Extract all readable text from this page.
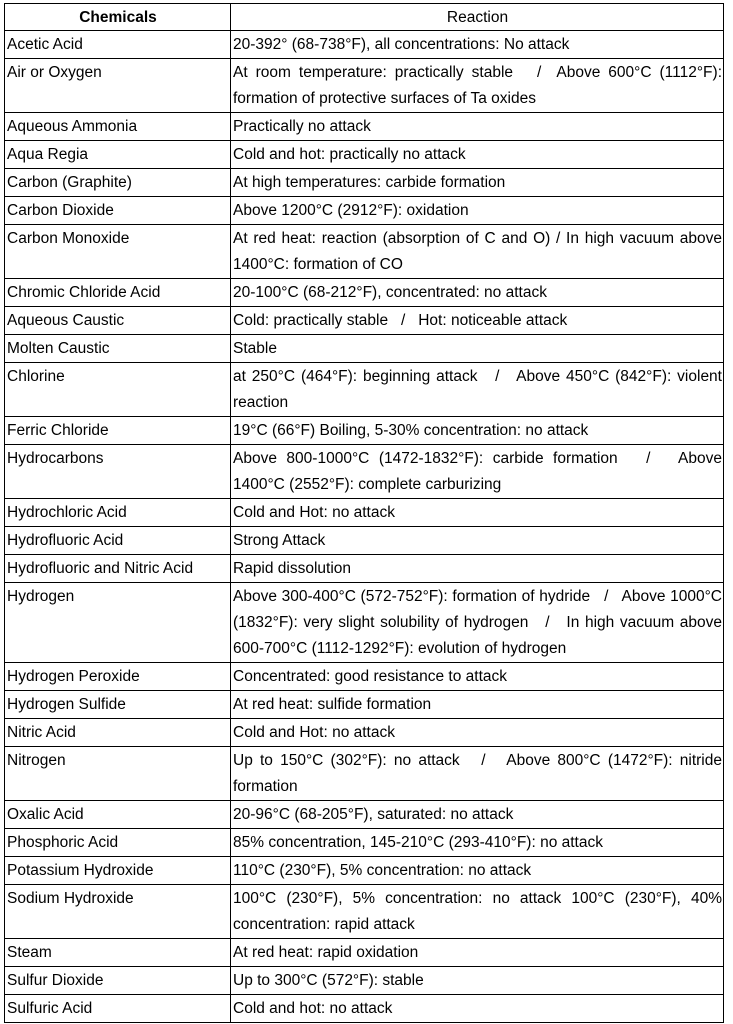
Chemicals	Reaction
Acetic Acid	20-392° (68-738°F), all concentrations: No attack
Air or Oxygen	At room temperature: practically stable   /  Above 600°C (1112°F): formation of protective surfaces of Ta oxides
Aqueous Ammonia	Practically no attack
Aqua Regia	Cold and hot: practically no attack
Carbon (Graphite)	At high temperatures: carbide formation
Carbon Dioxide	Above 1200°C (2912°F): oxidation
Carbon Monoxide	At red heat: reaction (absorption of C and O) / In high vacuum above 1400°C: formation of CO
Chromic Chloride Acid	20-100°C (68-212°F), concentrated: no attack
Aqueous Caustic	Cold: practically stable   /   Hot: noticeable attack
Molten Caustic	Stable
Chlorine	at 250°C (464°F): beginning attack   /   Above 450°C (842°F): violent reaction
Ferric Chloride	19°C (66°F) Boiling, 5-30% concentration: no attack
Hydrocarbons	Above 800-1000°C (1472-1832°F): carbide formation   /   Above 1400°C (2552°F): complete carburizing
Hydrochloric Acid	Cold and Hot: no attack
Hydrofluoric Acid	Strong Attack
Hydrofluoric and Nitric Acid	Rapid dissolution
Hydrogen	Above 300-400°C (572-752°F): formation of hydride   /   Above 1000°C (1832°F): very slight solubility of hydrogen   /   In high vacuum above 600-700°C (1112-1292°F): evolution of hydrogen
Hydrogen Peroxide	Concentrated: good resistance to attack
Hydrogen Sulfide	At red heat: sulfide formation
Nitric Acid	Cold and Hot: no attack
Nitrogen	Up to 150°C (302°F): no attack   /   Above 800°C (1472°F): nitride formation
Oxalic Acid	20-96°C (68-205°F), saturated: no attack
Phosphoric Acid	85% concentration, 145-210°C (293-410°F): no attack
Potassium Hydroxide	110°C (230°F), 5% concentration: no attack
Sodium Hydroxide	100°C (230°F), 5% concentration: no attack 100°C (230°F), 40% concentration: rapid attack
Steam	At red heat: rapid oxidation
Sulfur Dioxide	Up to 300°C (572°F): stable
Sulfuric Acid	Cold and hot: no attack
